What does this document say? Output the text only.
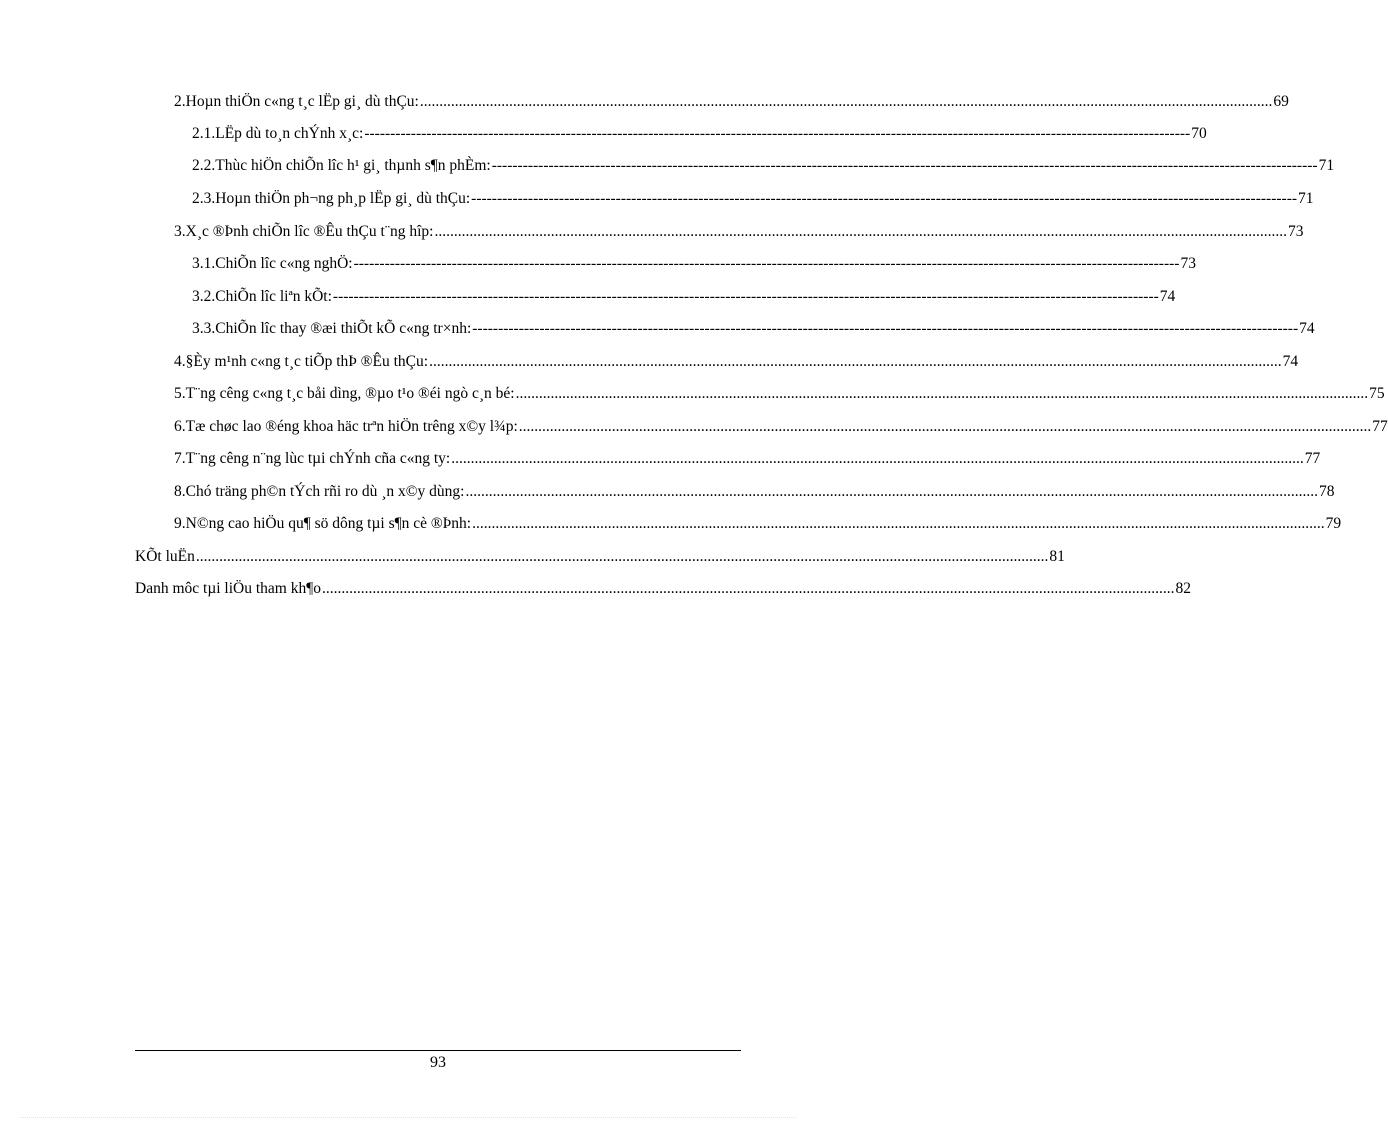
2.Hoµn thiÖn c«ng t¸c lËp gi¸ dù thÇu: ............................................................................................................................................................................................................................ 69
2.1.LËp dù to¸n chÝnh x¸c: ---------------------------------------------------------------------------------------------------------------------------------------------------------------- 70
2.2.Thùc hiÖn chiÕn lîc h¹ gi¸ thµnh s¶n phÈm: ---------------------------------------------------------------------------------------------------------------------------------------------------------------- 71
2.3.Hoµn thiÖn ph¬ng ph¸p lËp gi¸ dù thÇu: ---------------------------------------------------------------------------------------------------------------------------------------------------------------- 71
3.X¸c ®Þnh chiÕn lîc ®Êu thÇu t¨ng hîp: ............................................................................................................................................................................................................................ 73
3.1.ChiÕn lîc c«ng nghÖ: ---------------------------------------------------------------------------------------------------------------------------------------------------------------- 73
3.2.ChiÕn lîc liªn kÕt: ---------------------------------------------------------------------------------------------------------------------------------------------------------------- 74
3.3.ChiÕn lîc thay ®æi thiÕt kÕ c«ng tr×nh: ---------------------------------------------------------------------------------------------------------------------------------------------------------------- 74
4.§Èy m¹nh c«ng t¸c tiÕp thÞ ®Êu thÇu: ............................................................................................................................................................................................................................ 74
5.T¨ng cêng c«ng t¸c båi dìng, ®µo t¹o ®éi ngò c¸n bé: ............................................................................................................................................................................................................................ 75
6.Tæ chøc lao ®éng khoa häc trªn hiÖn trêng x©y l¾p: ............................................................................................................................................................................................................................ 77
7.T¨ng cêng n¨ng lùc tµi chÝnh cña c«ng ty: ............................................................................................................................................................................................................................ 77
8.Chó träng ph©n tÝch rñi ro dù ¸n x©y dùng: ............................................................................................................................................................................................................................ 78
9.N©ng cao hiÖu qu¶ sö dông tµi s¶n cè ®Þnh: ............................................................................................................................................................................................................................ 79
KÕt luËn ............................................................................................................................................................................................................................ 81
Danh môc tµi liÖu tham kh¶o ............................................................................................................................................................................................................................ 82
93
